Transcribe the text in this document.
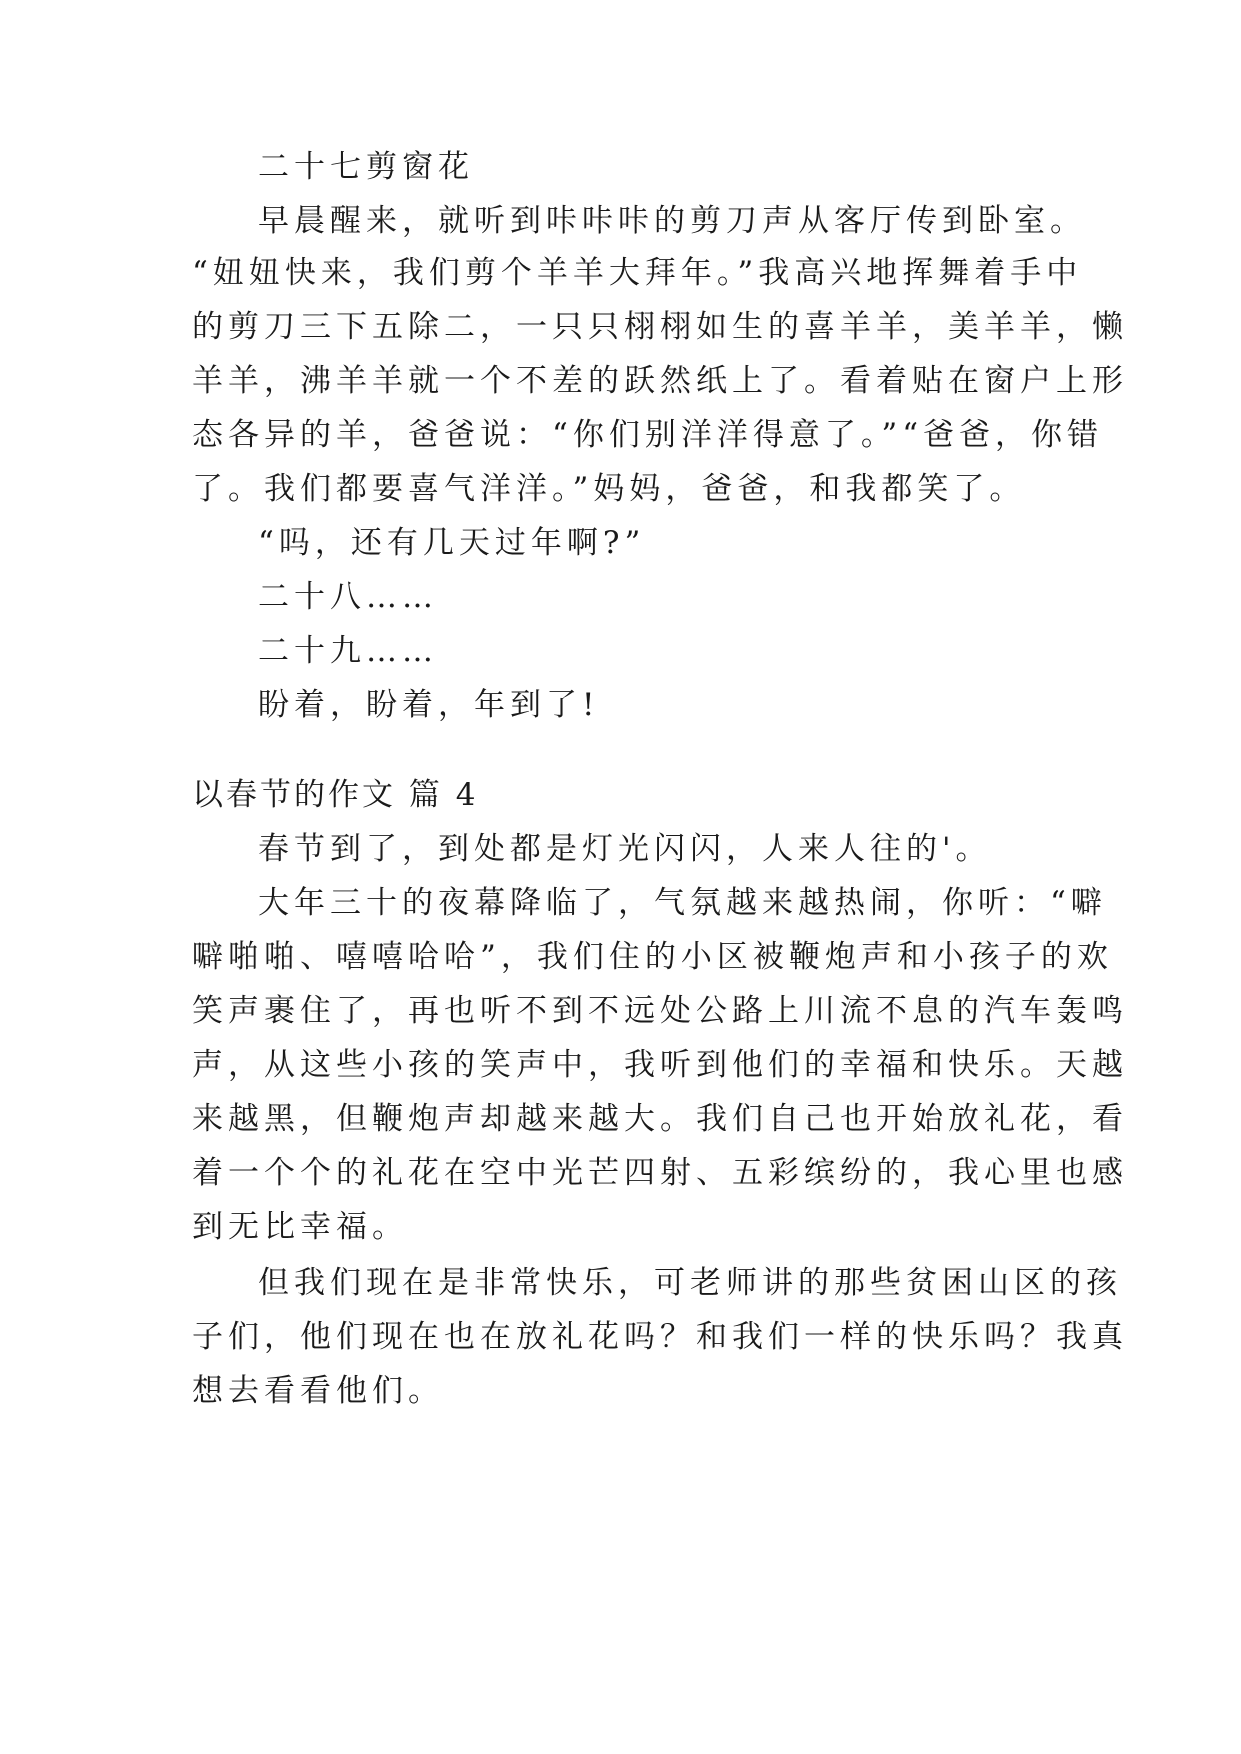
二十七剪窗花
早晨醒来，就听到咔咔咔的剪刀声从客厅传到卧室。
“妞妞快来，我们剪个羊羊大拜年。”我高兴地挥舞着手中
的剪刀三下五除二，一只只栩栩如生的喜羊羊，美羊羊，懒
羊羊，沸羊羊就一个不差的跃然纸上了。看着贴在窗户上形
态各异的羊，爸爸说：“你们别洋洋得意了。”“爸爸，你错
了。我们都要喜气洋洋。”妈妈，爸爸，和我都笑了。
“吗，还有几天过年啊?”
二十八……
二十九……
盼着，盼着，年到了!
以春节的作文 篇 4
春节到了，到处都是灯光闪闪，人来人往的'。
大年三十的夜幕降临了，气氛越来越热闹，你听：“噼
噼啪啪、嘻嘻哈哈”，我们住的小区被鞭炮声和小孩子的欢
笑声裹住了，再也听不到不远处公路上川流不息的汽车轰鸣
声，从这些小孩的笑声中，我听到他们的幸福和快乐。天越
来越黑，但鞭炮声却越来越大。我们自己也开始放礼花，看
着一个个的礼花在空中光芒四射、五彩缤纷的，我心里也感
到无比幸福。
但我们现在是非常快乐，可老师讲的那些贫困山区的孩
子们，他们现在也在放礼花吗？和我们一样的快乐吗？我真
想去看看他们。
